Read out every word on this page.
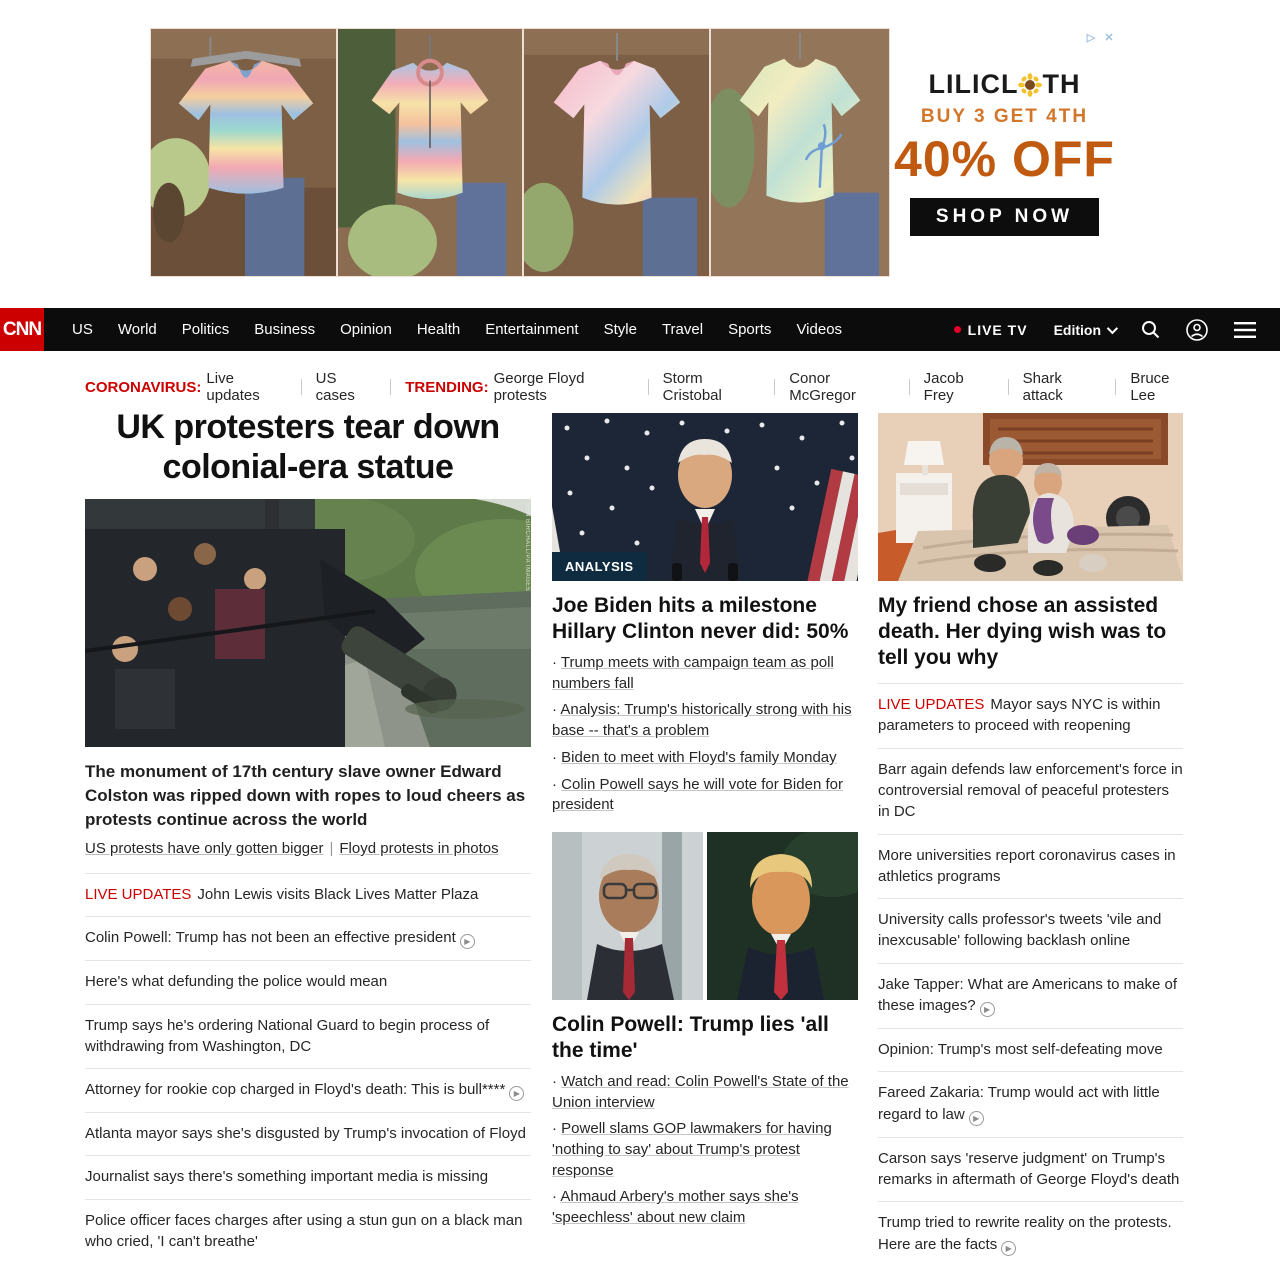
LILICL TH
BUY 3 GET 4TH
40% OFF
SHOP NOW
▷ ✕
CNN US World Politics Business Opinion Health Entertainment Style Travel Sports Videos	LIVE TV Edition
CORONAVIRUS: Live updates
US cases	TRENDING: George Floyd protests
Storm Cristobal
Conor McGregor
Jacob Frey
Shark attack
Bruce Lee
UK protesters tear down colonial-era statue
BEN BIRCHALL/PA IMAGES
The monument of 17th century slave owner Edward Colston was ripped down with ropes to loud cheers as protests continue across the world
US protests have only gotten bigger | Floyd protests in photos
LIVE UPDATES John Lewis visits Black Lives Matter Plaza
Colin Powell: Trump has not been an effective president ▶
Here's what defunding the police would mean
Trump says he's ordering National Guard to begin process of withdrawing from Washington, DC
Attorney for rookie cop charged in Floyd's death: This is bull**** ▶
Atlanta mayor says she's disgusted by Trump's invocation of Floyd
Journalist says there's something important media is missing
Police officer faces charges after using a stun gun on a black man who cried, 'I can't breathe'
ANALYSIS
Joe Biden hits a milestone Hillary Clinton never did: 50%
· Trump meets with campaign team as poll numbers fall
· Analysis: Trump's historically strong with his base -- that's a problem
· Biden to meet with Floyd's family Monday
· Colin Powell says he will vote for Biden for president
Colin Powell: Trump lies 'all the time'
· Watch and read: Colin Powell's State of the Union interview
· Powell slams GOP lawmakers for having 'nothing to say' about Trump's protest response
· Ahmaud Arbery's mother says she's 'speechless' about new claim
My friend chose an assisted death. Her dying wish was to tell you why
LIVE UPDATES Mayor says NYC is within parameters to proceed with reopening
Barr again defends law enforcement's force in controversial removal of peaceful protesters in DC
More universities report coronavirus cases in athletics programs
University calls professor's tweets 'vile and inexcusable' following backlash online
Jake Tapper: What are Americans to make of these images? ▶
Opinion: Trump's most self-defeating move
Fareed Zakaria: Trump would act with little regard to law ▶
Carson says 'reserve judgment' on Trump's remarks in aftermath of George Floyd's death
Trump tried to rewrite reality on the protests. Here are the facts ▶
